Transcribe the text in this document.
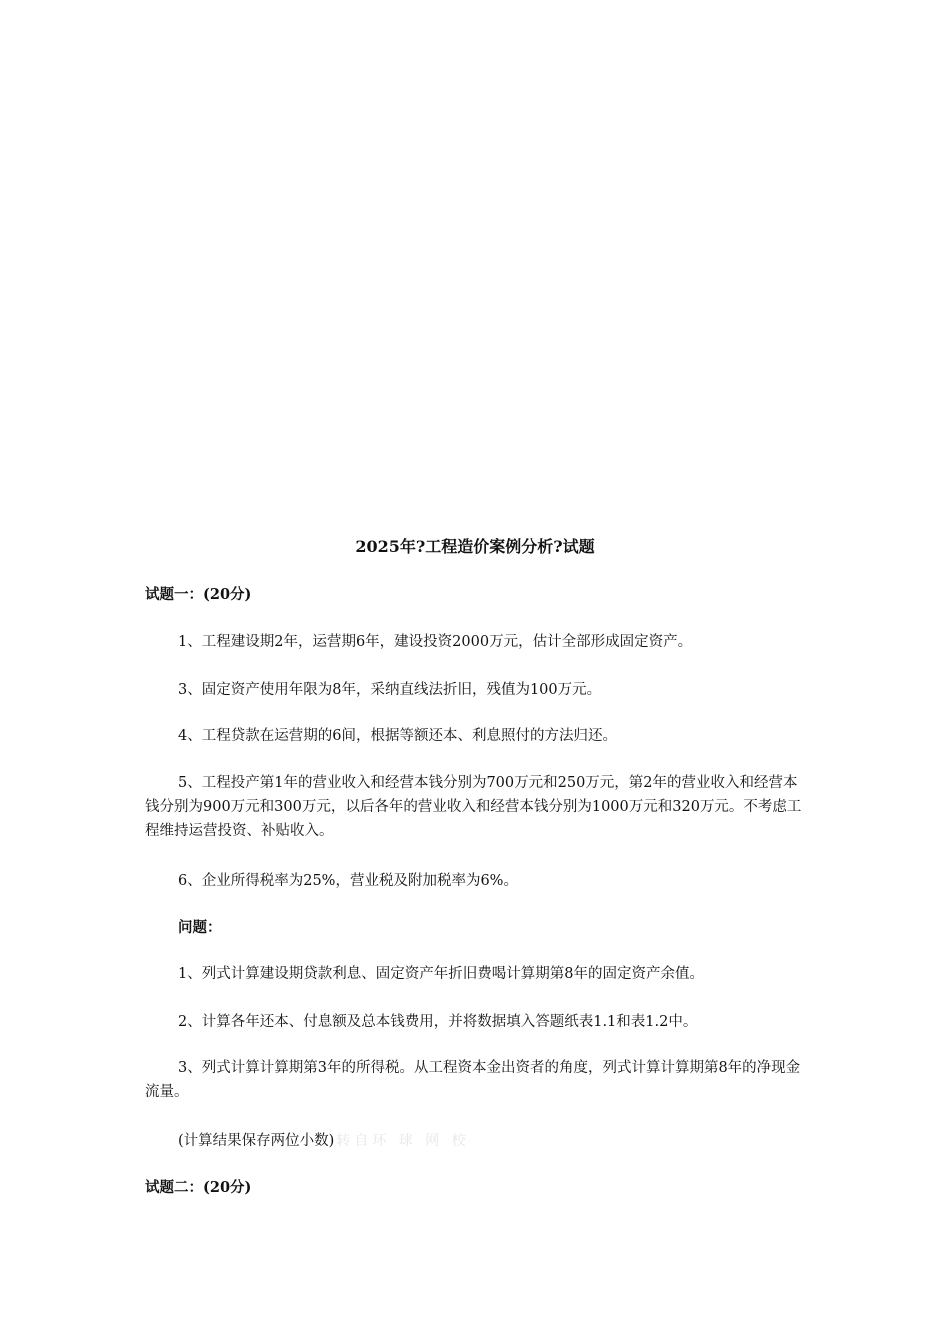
2025年?工程造价案例分析?试题
试题一：(20分)

1、工程建设期2年，运营期6年，建设投资2000万元，估计全部形成固定资产。

3、固定资产使用年限为8年，采纳直线法折旧，残值为100万元。

4、工程贷款在运营期的6间，根据等额还本、利息照付的方法归还。

5、工程投产第1年的营业收入和经营本钱分别为700万元和250万元，第2年的营业收入和经营本钱分别为900万元和300万元，以后各年的营业收入和经营本钱分别为1000万元和320万元。不考虑工程维持运营投资、补贴收入。

6、企业所得税率为25%，营业税及附加税率为6%。

问题：

1、列式计算建设期贷款利息、固定资产年折旧费喝计算期第8年的固定资产余值。

2、计算各年还本、付息额及总本钱费用，并将数据填入答题纸表1.1和表1.2中。

3、列式计算计算期第3年的所得税。从工程资本金出资者的角度，列式计算计算期第8年的净现金流量。

(计算结果保存两位小数) 转自环 球 网 校

试题二：(20分)
